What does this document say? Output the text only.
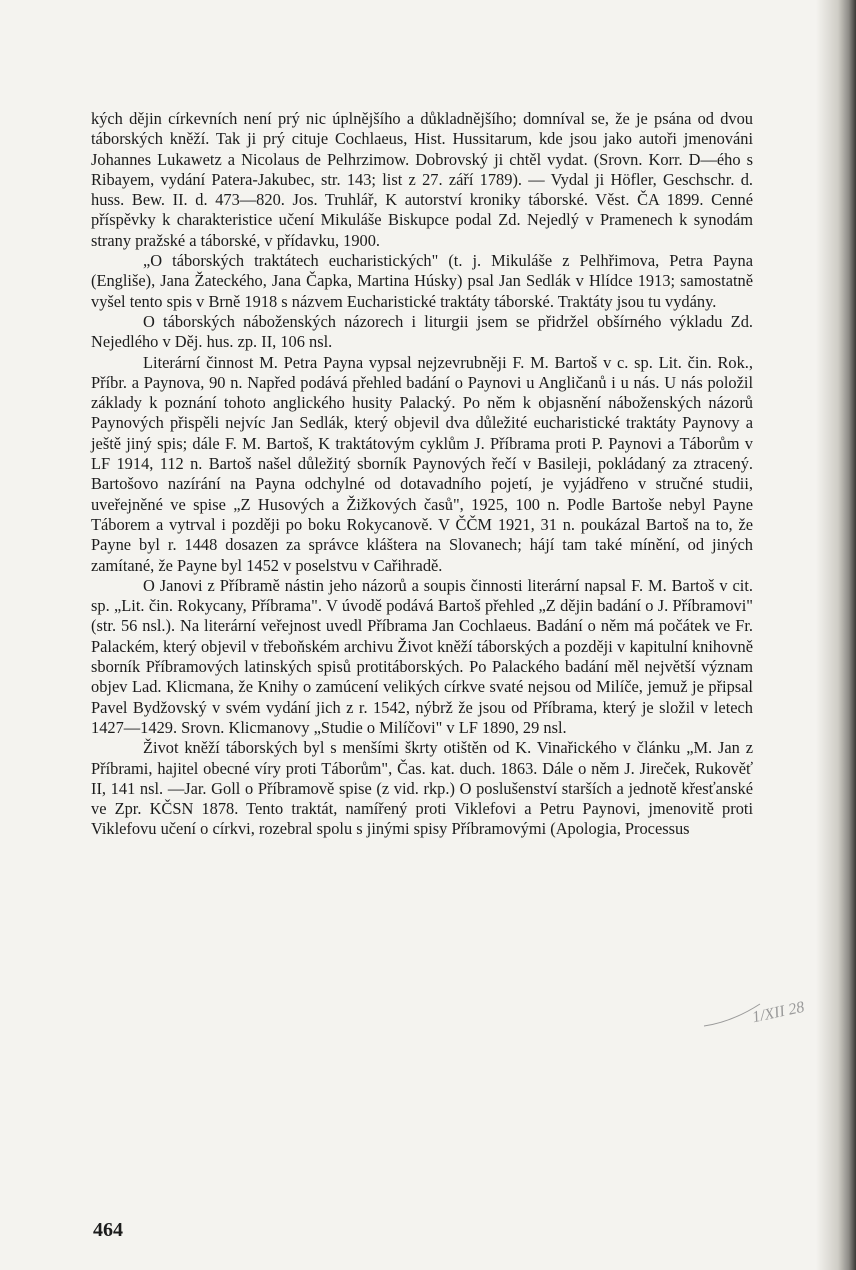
kých dějin církevních není prý nic úplnějšího a důkladnějšího; domníval se, že je psána od dvou táborských kněží. Tak ji prý cituje Cochlaeus, Hist. Hussitarum, kde jsou jako autoři jmenováni Johannes Lukawetz a Nicolaus de Pelhrzimow. Dobrovský ji chtěl vydat. (Srovn. Korr. D—ého s Ribayem, vydání Patera-Jakubec, str. 143; list z 27. září 1789). — Vydal ji Höfler, Geschschr. d. huss. Bew. II. d. 473—820. Jos. Truhlář, K autorství kroniky táborské. Věst. ČA 1899. Cenné příspěvky k charakteristice učení Mikuláše Biskupce podal Zd. Nejedlý v Pramenech k synodám strany pražské a táborské, v přídavku, 1900.

„O táborských traktátech eucharistických" (t. j. Mikuláše z Pelhřimova, Petra Payna (Engliše), Jana Žateckého, Jana Čapka, Martina Húsky) psal Jan Sedlák v Hlídce 1913; samostatně vyšel tento spis v Brně 1918 s názvem Eucharistické traktáty táborské. Traktáty jsou tu vydány.

O táborských náboženských názorech i liturgii jsem se přidržel obšírného výkladu Zd. Nejedlého v Děj. hus. zp. II, 106 nsl.

Literární činnost M. Petra Payna vypsal nejzevrubněji F. M. Bartoš v c. sp. Lit. čin. Rok., Příbr. a Paynova, 90 n. Napřed podává přehled badání o Paynovi u Angličanů i u nás. U nás položil základy k poznání tohoto anglického husity Palacký. Po něm k objasnění náboženských názorů Paynových přispěli nejvíc Jan Sedlák, který objevil dva důležité eucharistické traktáty Paynovy a ještě jiný spis; dále F. M. Bartoš, K traktátovým cyklům J. Příbrama proti P. Paynovi a Táborům v LF 1914, 112 n. Bartoš našel důležitý sborník Paynových řečí v Basileji, pokládaný za ztracený. Bartošovo nazírání na Payna odchylné od dotavadního pojetí, je vyjádřeno v stručné studii, uveřejněné ve spise „Z Husových a Žižkových časů", 1925, 100 n. Podle Bartoše nebyl Payne Táborem a vytrval i později po boku Rokycanově. V ČČM 1921, 31 n. poukázal Bartoš na to, že Payne byl r. 1448 dosazen za správce kláštera na Slovanech; hájí tam také mínění, od jiných zamítané, že Payne byl 1452 v poselstvu v Cařihradě.

O Janovi z Příbramě nástin jeho názorů a soupis činnosti literární napsal F. M. Bartoš v cit. sp. „Lit. čin. Rokycany, Příbrama". V úvodě podává Bartoš přehled „Z dějin badání o J. Příbramovi" (str. 56 nsl.). Na literární veřejnost uvedl Příbrama Jan Cochlaeus. Badání o něm má počátek ve Fr. Palackém, který objevil v třeboňském archivu Život kněží táborských a později v kapitulní knihovně sborník Příbramových latinských spisů protitáborských. Po Palackého badání měl největší význam objev Lad. Klicmana, že Knihy o zamúcení velikých církve svaté nejsou od Milíče, jemuž je připsal Pavel Bydžovský v svém vydání jich z r. 1542, nýbrž že jsou od Příbrama, který je složil v letech 1427—1429. Srovn. Klicmanovy „Studie o Milíčovi" v LF 1890, 29 nsl.

Život kněží táborských byl s menšími škrty otištěn od K. Vinařického v článku „M. Jan z Příbrami, hajitel obecné víry proti Táborům", Čas. kat. duch. 1863. Dále o něm J. Jireček, Rukověť II, 141 nsl. —Jar. Goll o Příbramově spise (z vid. rkp.) O poslušenství starších a jednotě křesťanské ve Zpr. KČSN 1878. Tento traktát, namířený proti Viklefovi a Petru Paynovi, jmenovitě proti Viklefovu učení o církvi, rozebral spolu s jinými spisy Příbramovými (Apologia, Processus

1/XII 28
464
